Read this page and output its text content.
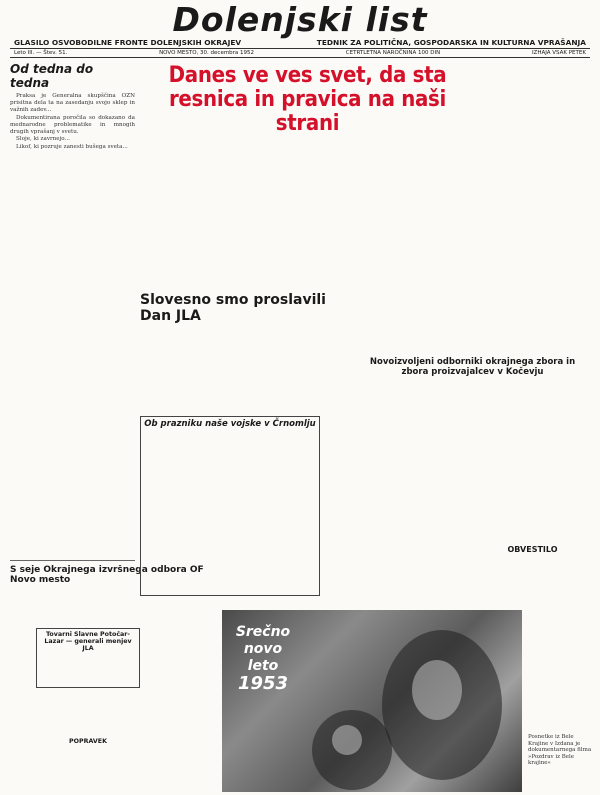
Dolenjski list
GLASILO OSVOBODILNE FRONTE DOLENJSKIH OKRAJEV	TEDNIK ZA POLITIČNA, GOSPODARSKA IN KULTURNA VPRAŠANJA
Leto III. — Štev. 51.	NOVO MESTO, 30. decembra 1952	CETRTLETNA NAROČNINA 100 DIN	IZHAJA VSAK PETEK
Od tedna do tedna

Praksa je Generalna skupščina OZN prisitna dela ta na zasedanju svojo sklep in važnih zadev...

Dokumentirana poročila so dokazano da mednarodne problematike in mnogih drugih vprašanj v svetu.

Sloje, ki zavrnejo...

Likof, ki pozruje zanesti bušega sveta...

S seje Okrajnega izvršnega odbora OF Novo mesto
Danes ve ves svet, da sta resnica in pravica na naši strani
Slovesno smo proslavili Dan JLA
Ob prazniku naše vojske v Črnomlju
Novoizvoljeni odborniki okrajnega zbora in zbora proizvajalcev v Kočevju
OBVESTILO
Tovarni Slavne Potočar-Lazar — generali menjev JLA
POPRAVEK
Srečno
novo
leto
1953
Posnetke iz Bele Krajine v Izdana je dokumentarnega filma »Pozdrav iz Bele krajine«
